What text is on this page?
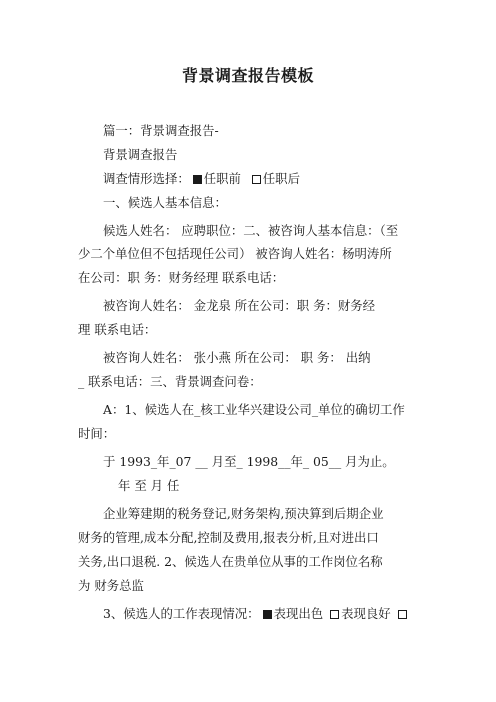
背景调查报告模板
篇一：背景调查报告-
背景调查报告
调查情形选择： 任职前 任职后
一、候选人基本信息：
候选人姓名： 应聘职位：二、被咨询人基本信息：（至
少二个单位但不包括现任公司） 被咨询人姓名：杨明涛所
在公司：职 务：财务经理 联系电话：
被咨询人姓名： 金龙泉 所在公司：职 务：财务经
理 联系电话：
被咨询人姓名： 张小燕 所在公司： 职 务： 出纳
_ 联系电话：三、背景调查问卷：
A：1、候选人在_核工业华兴建设公司_单位的确切工作
时间：
于 1993_年_07 __ 月至_ 1998__年_ 05__ 月为止。
年 至 月 任
企业筹建期的税务登记,财务架构,预决算到后期企业
财务的管理,成本分配,控制及费用,报表分析,且对进出口
关务,出口退税. 2、候选人在贵单位从事的工作岗位名称
为 财务总监
3、候选人的工作表现情况： 表现出色 表现良好
